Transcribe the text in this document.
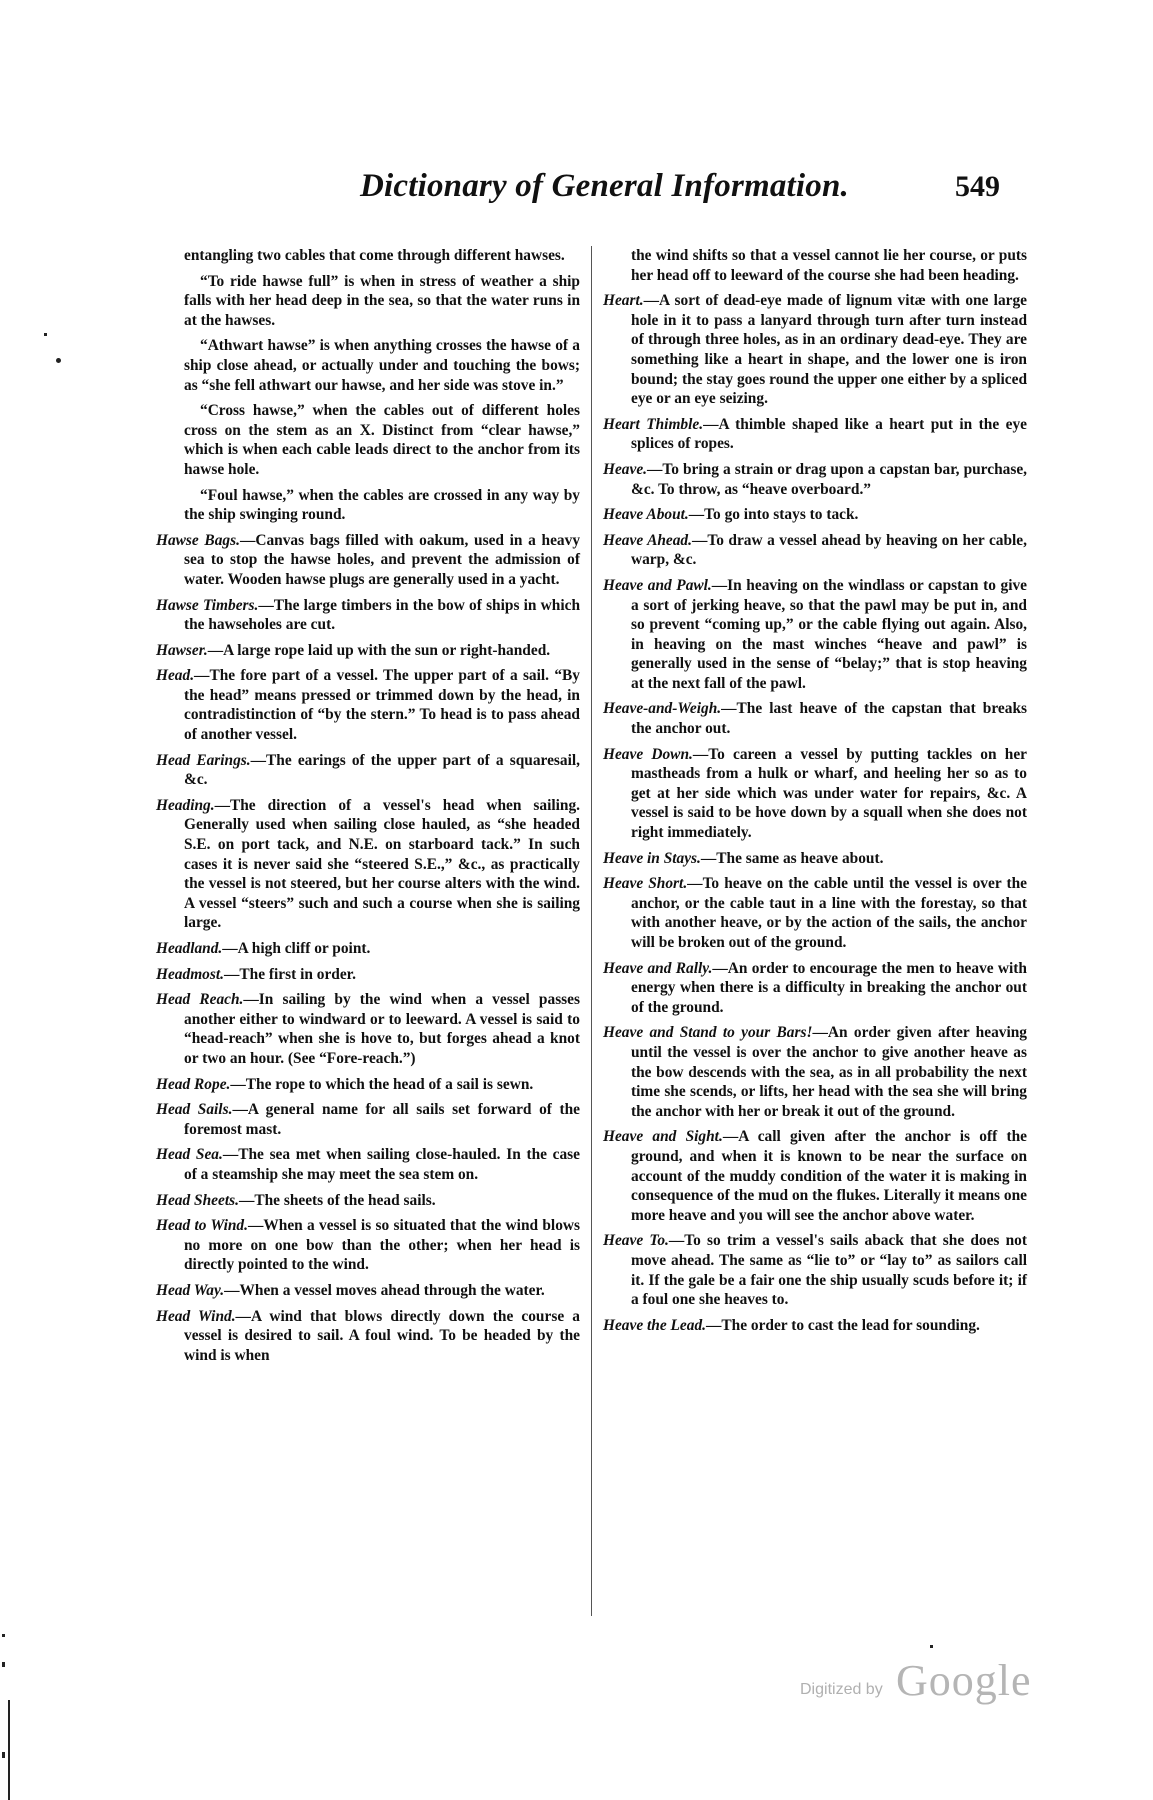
Dictionary of General Information.	549
entangling two cables that come through different hawses.
“To ride hawse full” is when in stress of weather a ship falls with her head deep in the sea, so that the water runs in at the hawses.
“Athwart hawse” is when anything crosses the hawse of a ship close ahead, or actually under and touching the bows; as “she fell athwart our hawse, and her side was stove in.”
“Cross hawse,” when the cables out of different holes cross on the stem as an X. Distinct from “clear hawse,” which is when each cable leads direct to the anchor from its hawse hole.
“Foul hawse,” when the cables are crossed in any way by the ship swinging round.
Hawse Bags.—Canvas bags filled with oakum, used in a heavy sea to stop the hawse holes, and prevent the admission of water. Wooden hawse plugs are generally used in a yacht.
Hawse Timbers.—The large timbers in the bow of ships in which the hawseholes are cut.
Hawser.—A large rope laid up with the sun or right-handed.
Head.—The fore part of a vessel. The upper part of a sail. “By the head” means pressed or trimmed down by the head, in contradistinction of “by the stern.” To head is to pass ahead of another vessel.
Head Earings.—The earings of the upper part of a squaresail, &c.
Heading.—The direction of a vessel's head when sailing. Generally used when sailing close hauled, as “she headed S.E. on port tack, and N.E. on starboard tack.” In such cases it is never said she “steered S.E.,” &c., as practically the vessel is not steered, but her course alters with the wind. A vessel “steers” such and such a course when she is sailing large.
Headland.—A high cliff or point.
Headmost.—The first in order.
Head Reach.—In sailing by the wind when a vessel passes another either to windward or to leeward. A vessel is said to “head-reach” when she is hove to, but forges ahead a knot or two an hour. (See “Fore-reach.”)
Head Rope.—The rope to which the head of a sail is sewn.
Head Sails.—A general name for all sails set forward of the foremost mast.
Head Sea.—The sea met when sailing close-hauled. In the case of a steamship she may meet the sea stem on.
Head Sheets.—The sheets of the head sails.
Head to Wind.—When a vessel is so situated that the wind blows no more on one bow than the other; when her head is directly pointed to the wind.
Head Way.—When a vessel moves ahead through the water.
Head Wind.—A wind that blows directly down the course a vessel is desired to sail. A foul wind. To be headed by the wind is when
the wind shifts so that a vessel cannot lie her course, or puts her head off to leeward of the course she had been heading.
Heart.—A sort of dead-eye made of lignum vitæ with one large hole in it to pass a lanyard through turn after turn instead of through three holes, as in an ordinary dead-eye. They are something like a heart in shape, and the lower one is iron bound; the stay goes round the upper one either by a spliced eye or an eye seizing.
Heart Thimble.—A thimble shaped like a heart put in the eye splices of ropes.
Heave.—To bring a strain or drag upon a capstan bar, purchase, &c. To throw, as “heave overboard.”
Heave About.—To go into stays to tack.
Heave Ahead.—To draw a vessel ahead by heaving on her cable, warp, &c.
Heave and Pawl.—In heaving on the windlass or capstan to give a sort of jerking heave, so that the pawl may be put in, and so prevent “coming up,” or the cable flying out again. Also, in heaving on the mast winches “heave and pawl” is generally used in the sense of “belay;” that is stop heaving at the next fall of the pawl.
Heave-and-Weigh.—The last heave of the capstan that breaks the anchor out.
Heave Down.—To careen a vessel by putting tackles on her mastheads from a hulk or wharf, and heeling her so as to get at her side which was under water for repairs, &c. A vessel is said to be hove down by a squall when she does not right immediately.
Heave in Stays.—The same as heave about.
Heave Short.—To heave on the cable until the vessel is over the anchor, or the cable taut in a line with the forestay, so that with another heave, or by the action of the sails, the anchor will be broken out of the ground.
Heave and Rally.—An order to encourage the men to heave with energy when there is a difficulty in breaking the anchor out of the ground.
Heave and Stand to your Bars!—An order given after heaving until the vessel is over the anchor to give another heave as the bow descends with the sea, as in all probability the next time she scends, or lifts, her head with the sea she will bring the anchor with her or break it out of the ground.
Heave and Sight.—A call given after the anchor is off the ground, and when it is known to be near the surface on account of the muddy condition of the water it is making in consequence of the mud on the flukes. Literally it means one more heave and you will see the anchor above water.
Heave To.—To so trim a vessel's sails aback that she does not move ahead. The same as “lie to” or “lay to” as sailors call it. If the gale be a fair one the ship usually scuds before it; if a foul one she heaves to.
Heave the Lead.—The order to cast the lead for sounding.
Digitized by Google
